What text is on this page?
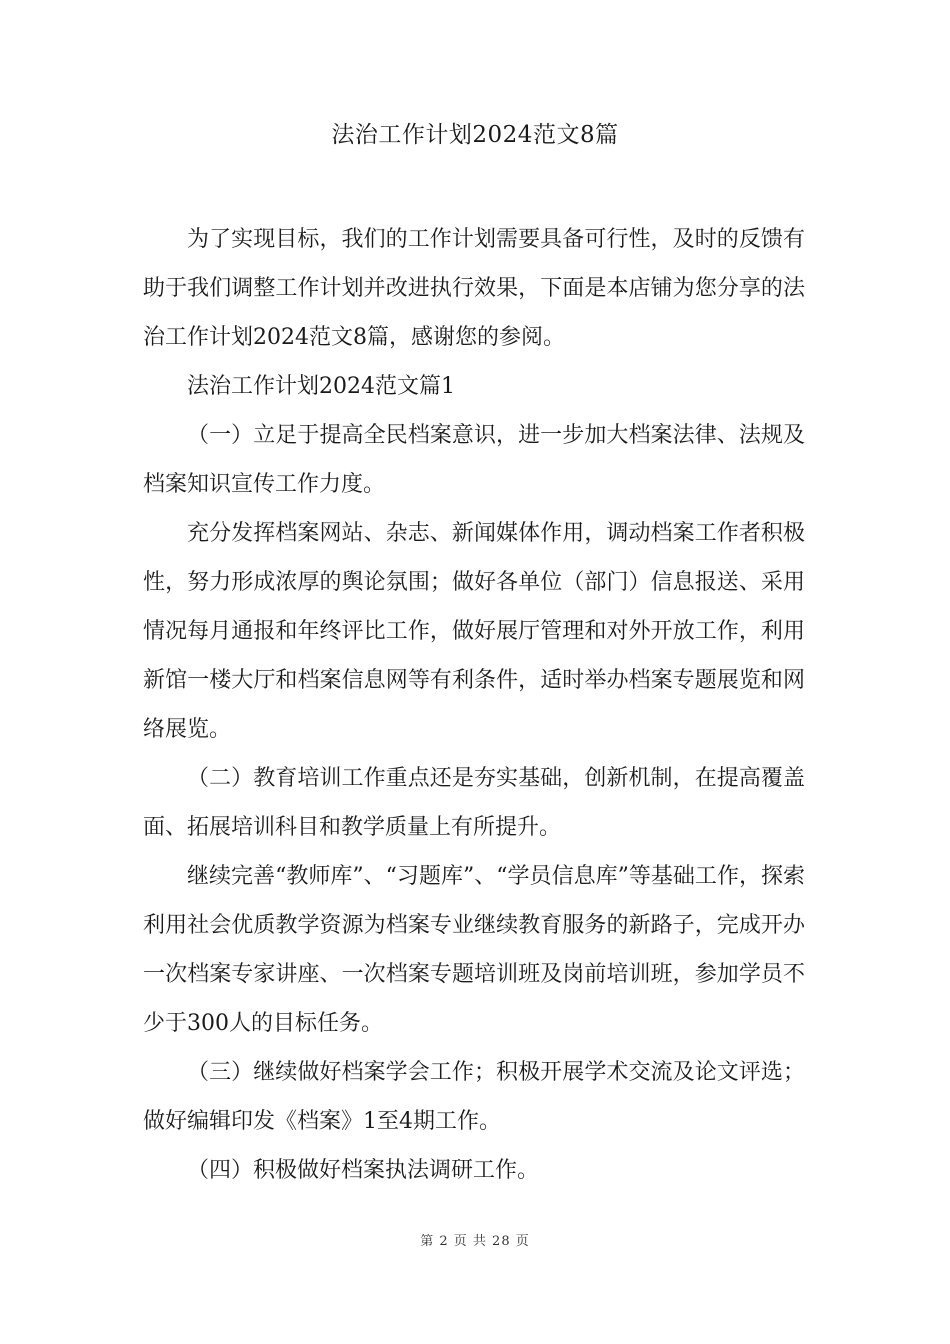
法治工作计划2024范文8篇

为了实现目标，我们的工作计划需要具备可行性，及时的反馈有助于我们调整工作计划并改进执行效果，下面是本店铺为您分享的法治工作计划2024范文8篇，感谢您的参阅。

法治工作计划2024范文篇1

（一）立足于提高全民档案意识，进一步加大档案法律、法规及档案知识宣传工作力度。

充分发挥档案网站、杂志、新闻媒体作用，调动档案工作者积极性，努力形成浓厚的舆论氛围；做好各单位（部门）信息报送、采用情况每月通报和年终评比工作，做好展厅管理和对外开放工作，利用新馆一楼大厅和档案信息网等有利条件，适时举办档案专题展览和网络展览。

（二）教育培训工作重点还是夯实基础，创新机制，在提高覆盖面、拓展培训科目和教学质量上有所提升。

继续完善“教师库”、“习题库”、“学员信息库”等基础工作，探索利用社会优质教学资源为档案专业继续教育服务的新路子，完成开办一次档案专家讲座、一次档案专题培训班及岗前培训班，参加学员不少于300人的目标任务。

（三）继续做好档案学会工作；积极开展学术交流及论文评选；做好编辑印发《档案》1至4期工作。

（四）积极做好档案执法调研工作。

第 2 页 共 28 页
